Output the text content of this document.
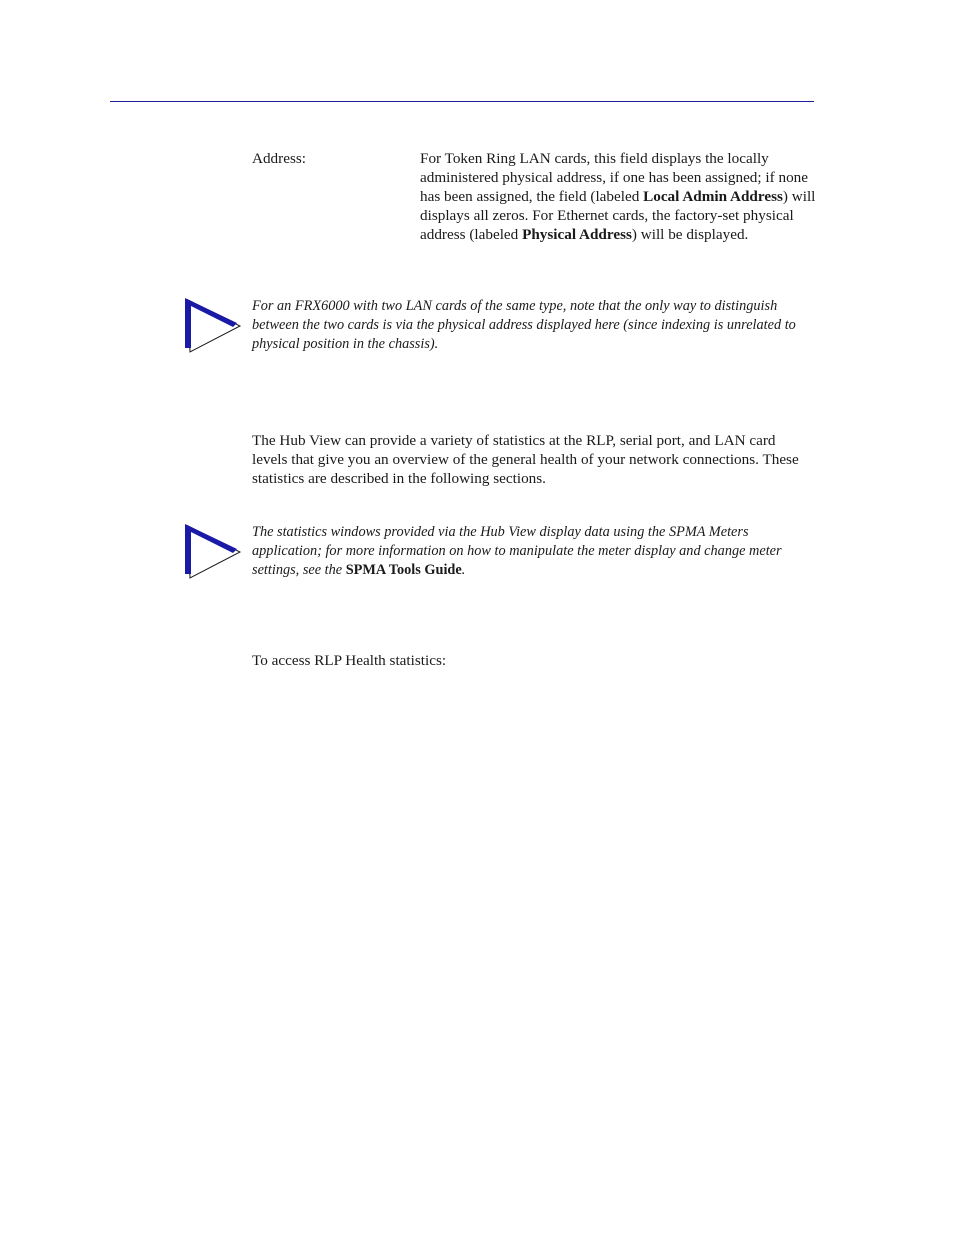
Address:	For Token Ring LAN cards, this field displays the locally administered physical address, if one has been assigned; if none has been assigned, the field (labeled Local Admin Address) will displays all zeros. For Ethernet cards, the factory-set physical address (labeled Physical Address) will be displayed.
For an FRX6000 with two LAN cards of the same type, note that the only way to distinguish between the two cards is via the physical address displayed here (since indexing is unrelated to physical position in the chassis).
The Hub View can provide a variety of statistics at the RLP, serial port, and LAN card levels that give you an overview of the general health of your network connections. These statistics are described in the following sections.
The statistics windows provided via the Hub View display data using the SPMA Meters application; for more information on how to manipulate the meter display and change meter settings, see the SPMA Tools Guide.
To access RLP Health statistics:
